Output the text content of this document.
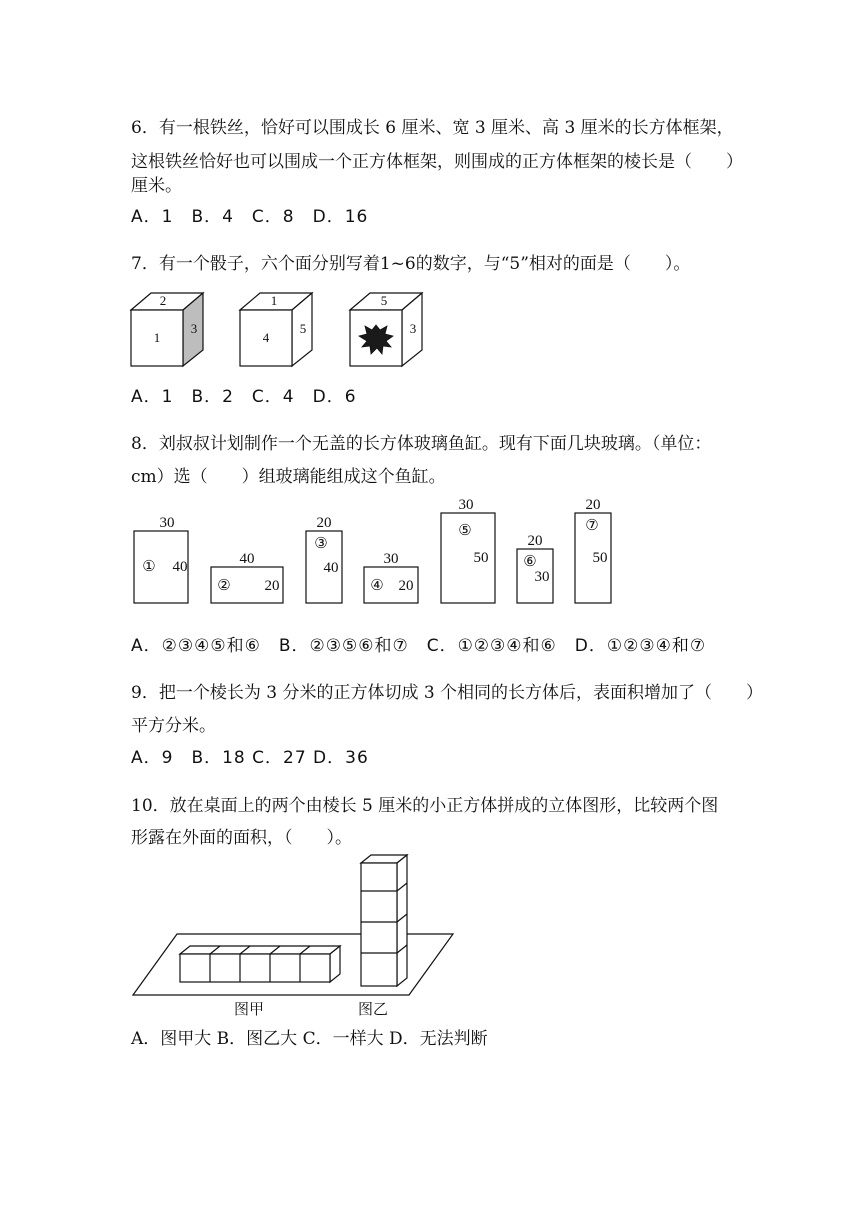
6．有一根铁丝，恰好可以围成长 6 厘米、宽 3 厘米、高 3 厘米的长方体框架，
这根铁丝恰好也可以围成一个正方体框架，则围成的正方体框架的棱长是（　　）
厘米。
A．1　B．4　C．8　D．16
7．有一个骰子，六个面分别写着1~6的数字，与“5”相对的面是（　　）。
2
1
3
1
4
5
5
3
A．1　B．2　C．4　D．6
8．刘叔叔计划制作一个无盖的长方体玻璃鱼缸。现有下面几块玻璃。（单位：
cm）选（　　）组玻璃能组成这个鱼缸。
30
① 40	40
② 20
20
③
40
30
④ 20
30
⑤
50
20
⑥
30
20
⑦
50
A．②③④⑤和⑥　B．②③⑤⑥和⑦　C．①②③④和⑥　D．①②③④和⑦
9．把一个棱长为 3 分米的正方体切成 3 个相同的长方体后，表面积增加了（　　）
平方分米。
A．9　B．18 C．27 D．36
10．放在桌面上的两个由棱长 5 厘米的小正方体拼成的立体图形，比较两个图
形露在外面的面积，（　　）。
图甲	图乙
A．图甲大 B．图乙大 C．一样大 D．无法判断
